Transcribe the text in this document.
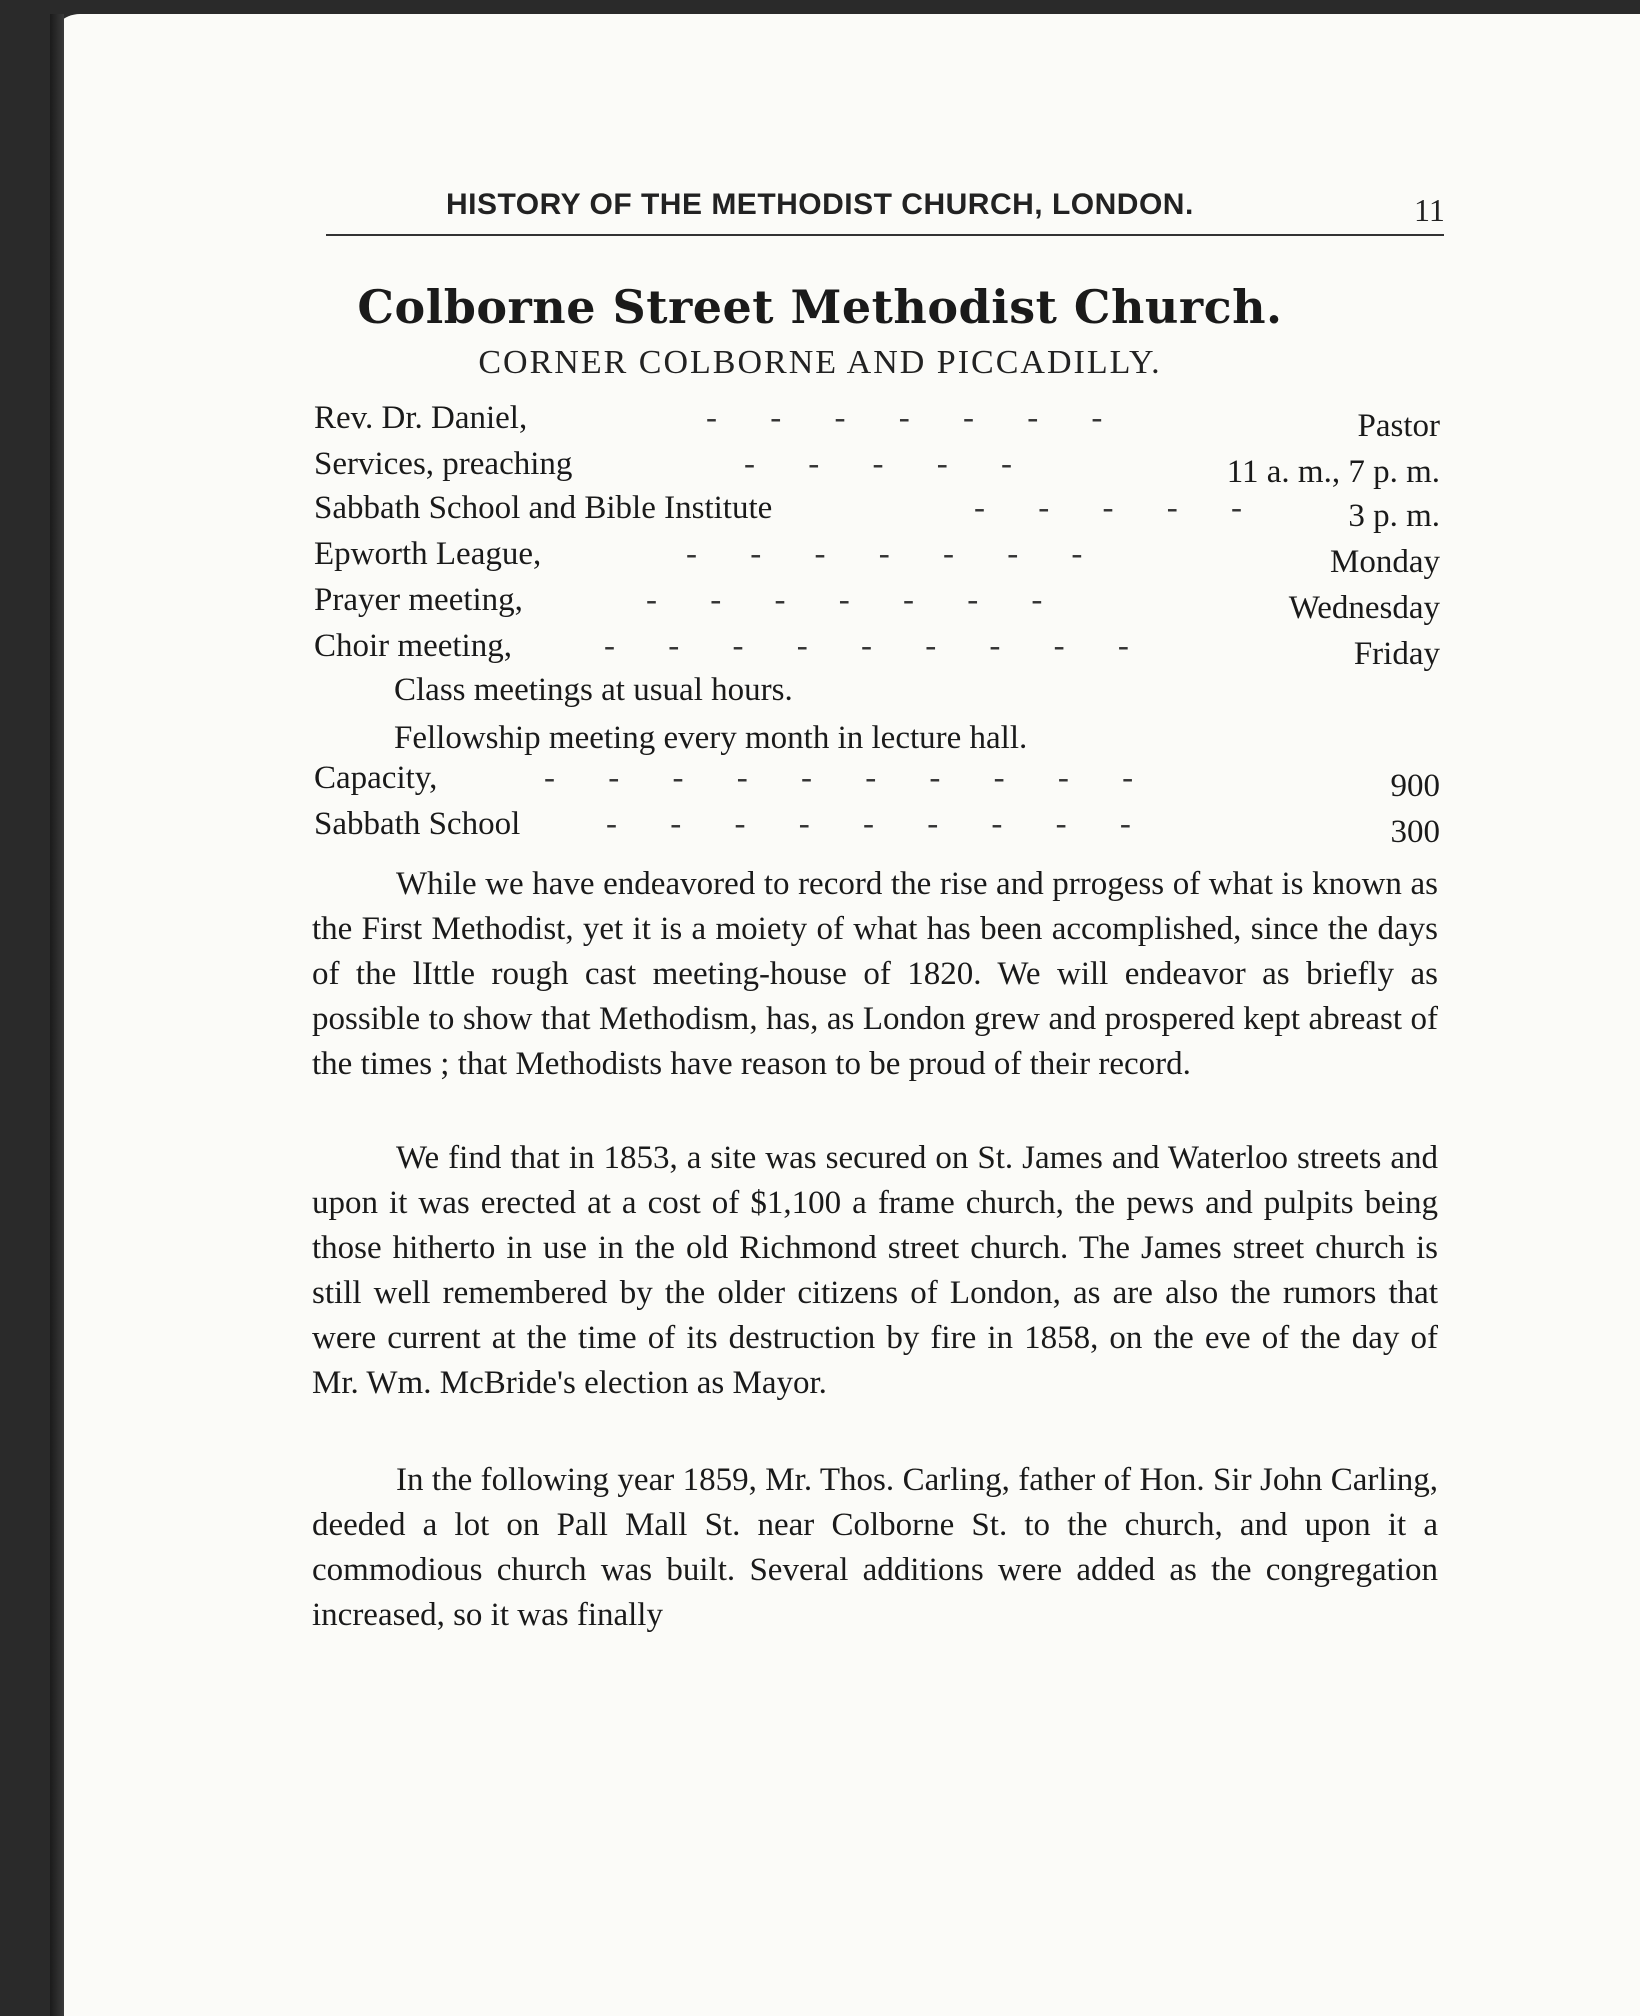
HISTORY OF THE METHODIST CHURCH, LONDON.	11
Colborne Street Methodist Church.
CORNER COLBORNE AND PICCADILLY.
Rev. Dr. Daniel,	-     -     -     -     -     -     -	Pastor
Services, preaching	-     -     -     -     -	11 a. m., 7 p. m.
Sabbath School and Bible Institute	-     -     -     -     -	3 p. m.
Epworth League,	-     -     -     -     -     -     -	Monday
Prayer meeting,	-     -     -     -     -     -     -	Wednesday
Choir meeting,	-     -     -     -     -     -     -     -     -	Friday
Class meetings at usual hours.
Fellowship meeting every month in lecture hall.
Capacity,	-     -     -     -     -     -     -     -     -     -	900
Sabbath School	-     -     -     -     -     -     -     -     -	300

While we have endeavored to record the rise and prrogess of what is known as the First Methodist, yet it is a moiety of what has been accomplished, since the days of the lIttle rough cast meeting-house of 1820. We will endeavor as briefly as possible to show that Methodism, has, as London grew and prospered kept abreast of the times ; that Methodists have reason to be proud of their record.

We find that in 1853, a site was secured on St. James and Waterloo streets and upon it was erected at a cost of $1,100 a frame church, the pews and pulpits being those hitherto in use in the old Richmond street church. The James street church is still well remembered by the older citizens of London, as are also the rumors that were current at the time of its destruction by fire in 1858, on the eve of the day of Mr. Wm. McBride's election as Mayor.

In the following year 1859, Mr. Thos. Carling, father of Hon. Sir John Carling, deeded a lot on Pall Mall St. near Colborne St. to the church, and upon it a commodious church was built. Several additions were added as the congregation increased, so it was finally
